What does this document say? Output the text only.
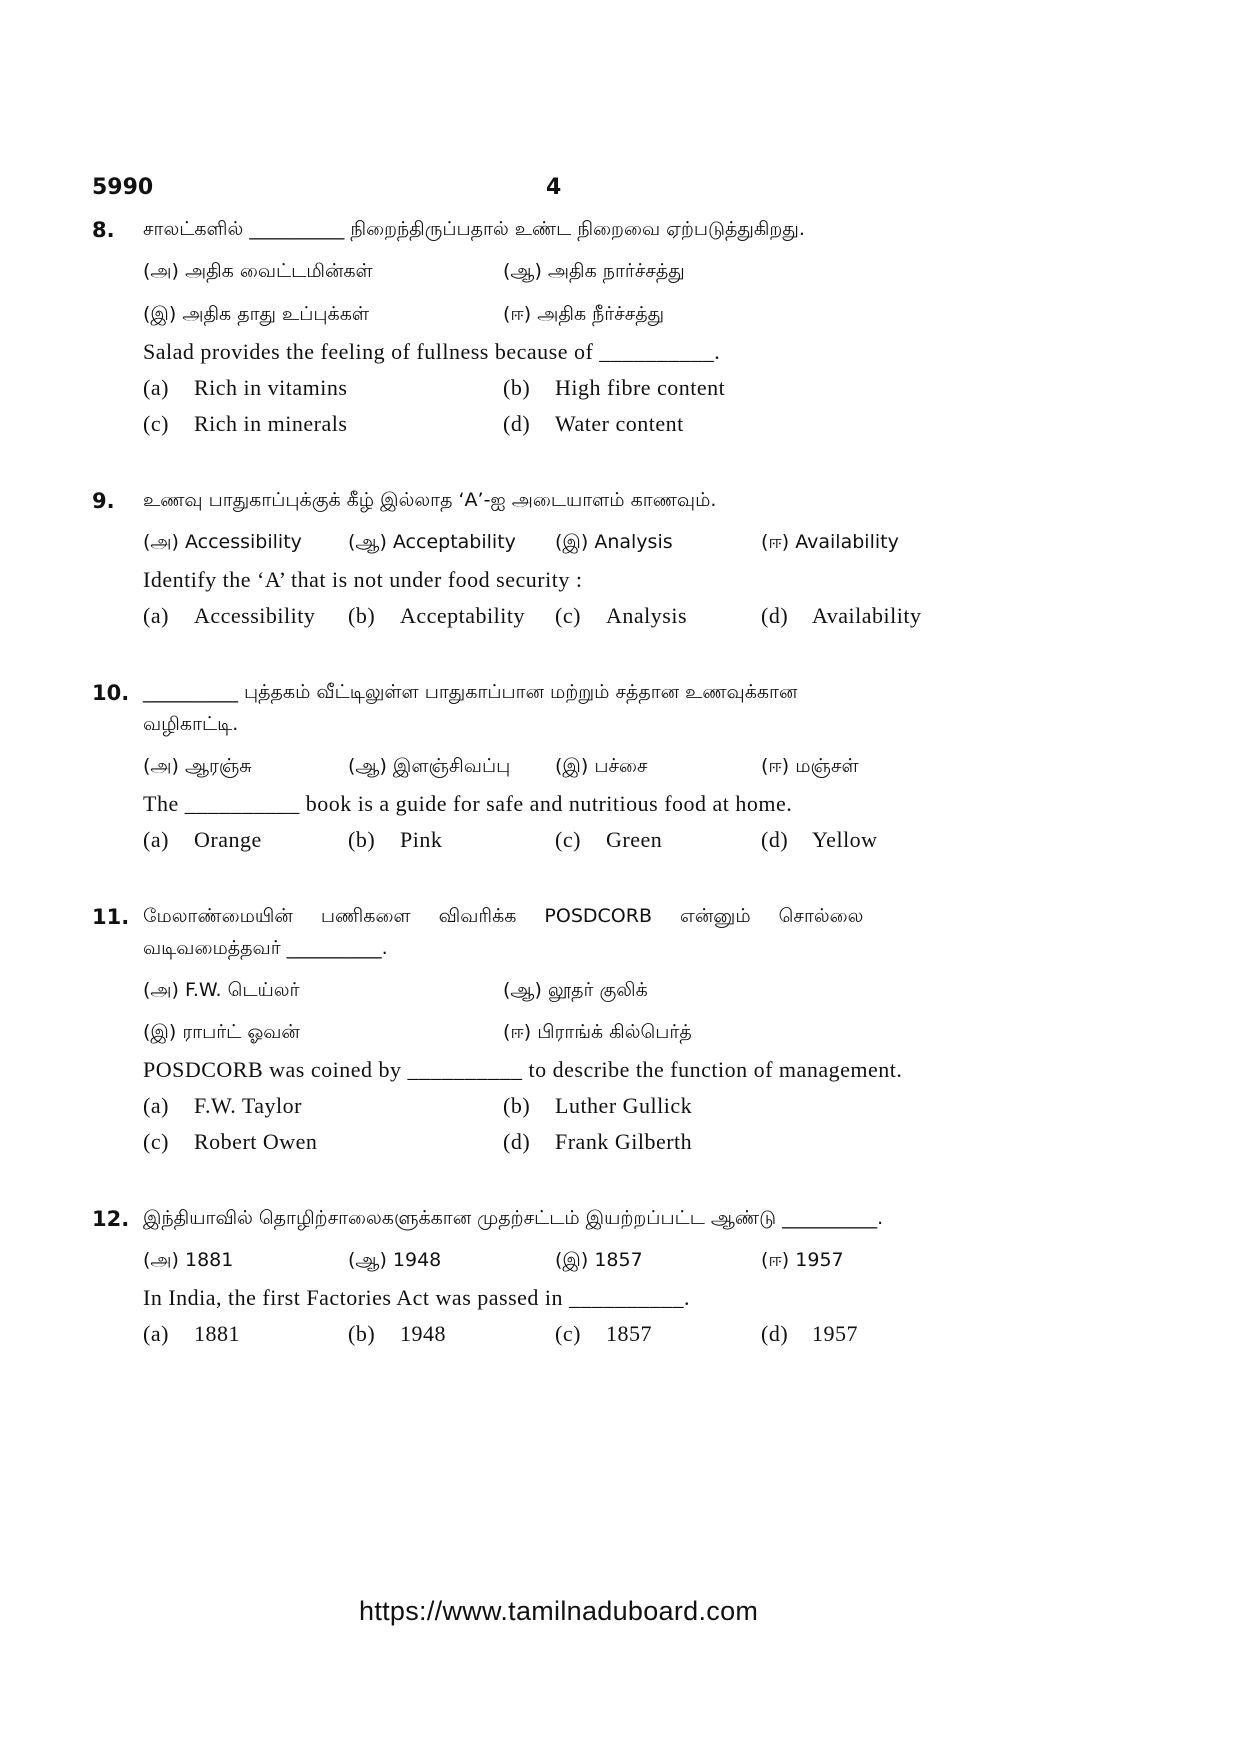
5990	4
8. சாலட்களில் __________ நிறைந்திருப்பதால் உண்ட நிறைவை ஏற்படுத்துகிறது.
(அ) அதிக வைட்டமின்கள்	(ஆ) அதிக நார்ச்சத்து
(இ) அதிக தாது உப்புக்கள்	(ஈ) அதிக நீர்ச்சத்து
Salad provides the feeling of fullness because of __________.
(a) Rich in vitamins	(b) High fibre content
(c) Rich in minerals	(d) Water content
9. உணவு பாதுகாப்புக்குக் கீழ் இல்லாத ‘A’-ஐ அடையாளம் காணவும்.
(அ) Accessibility (ஆ) Acceptability (இ) Analysis	(ஈ) Availability
Identify the ‘A’ that is not under food security :
(a) Accessibility (b) Acceptability (c) Analysis	(d) Availability
10. __________ புத்தகம் வீட்டிலுள்ள பாதுகாப்பான மற்றும் சத்தான உணவுக்கான
வழிகாட்டி.
(அ) ஆரஞ்சு	(ஆ) இளஞ்சிவப்பு (இ) பச்சை	(ஈ) மஞ்சள்
The __________ book is a guide for safe and nutritious food at home.
(a) Orange	(b) Pink	(c) Green	(d) Yellow
11. மேலாண்மையின் பணிகளை விவரிக்க POSDCORB என்னும் சொல்லை
வடிவமைத்தவர் __________.
(அ) F.W. டெய்லர்	(ஆ) லூதர் குலிக்
(இ) ராபர்ட் ஓவன்	(ஈ) பிராங்க் கில்பெர்த்
POSDCORB was coined by __________ to describe the function of management.
(a) F.W. Taylor	(b) Luther Gullick
(c) Robert Owen	(d) Frank Gilberth
12. இந்தியாவில் தொழிற்சாலைகளுக்கான முதற்சட்டம் இயற்றப்பட்ட ஆண்டு __________.
(அ) 1881	(ஆ) 1948	(இ) 1857	(ஈ) 1957
In India, the first Factories Act was passed in __________.
(a) 1881	(b) 1948	(c) 1857	(d) 1957
https://www.tamilnaduboard.com
